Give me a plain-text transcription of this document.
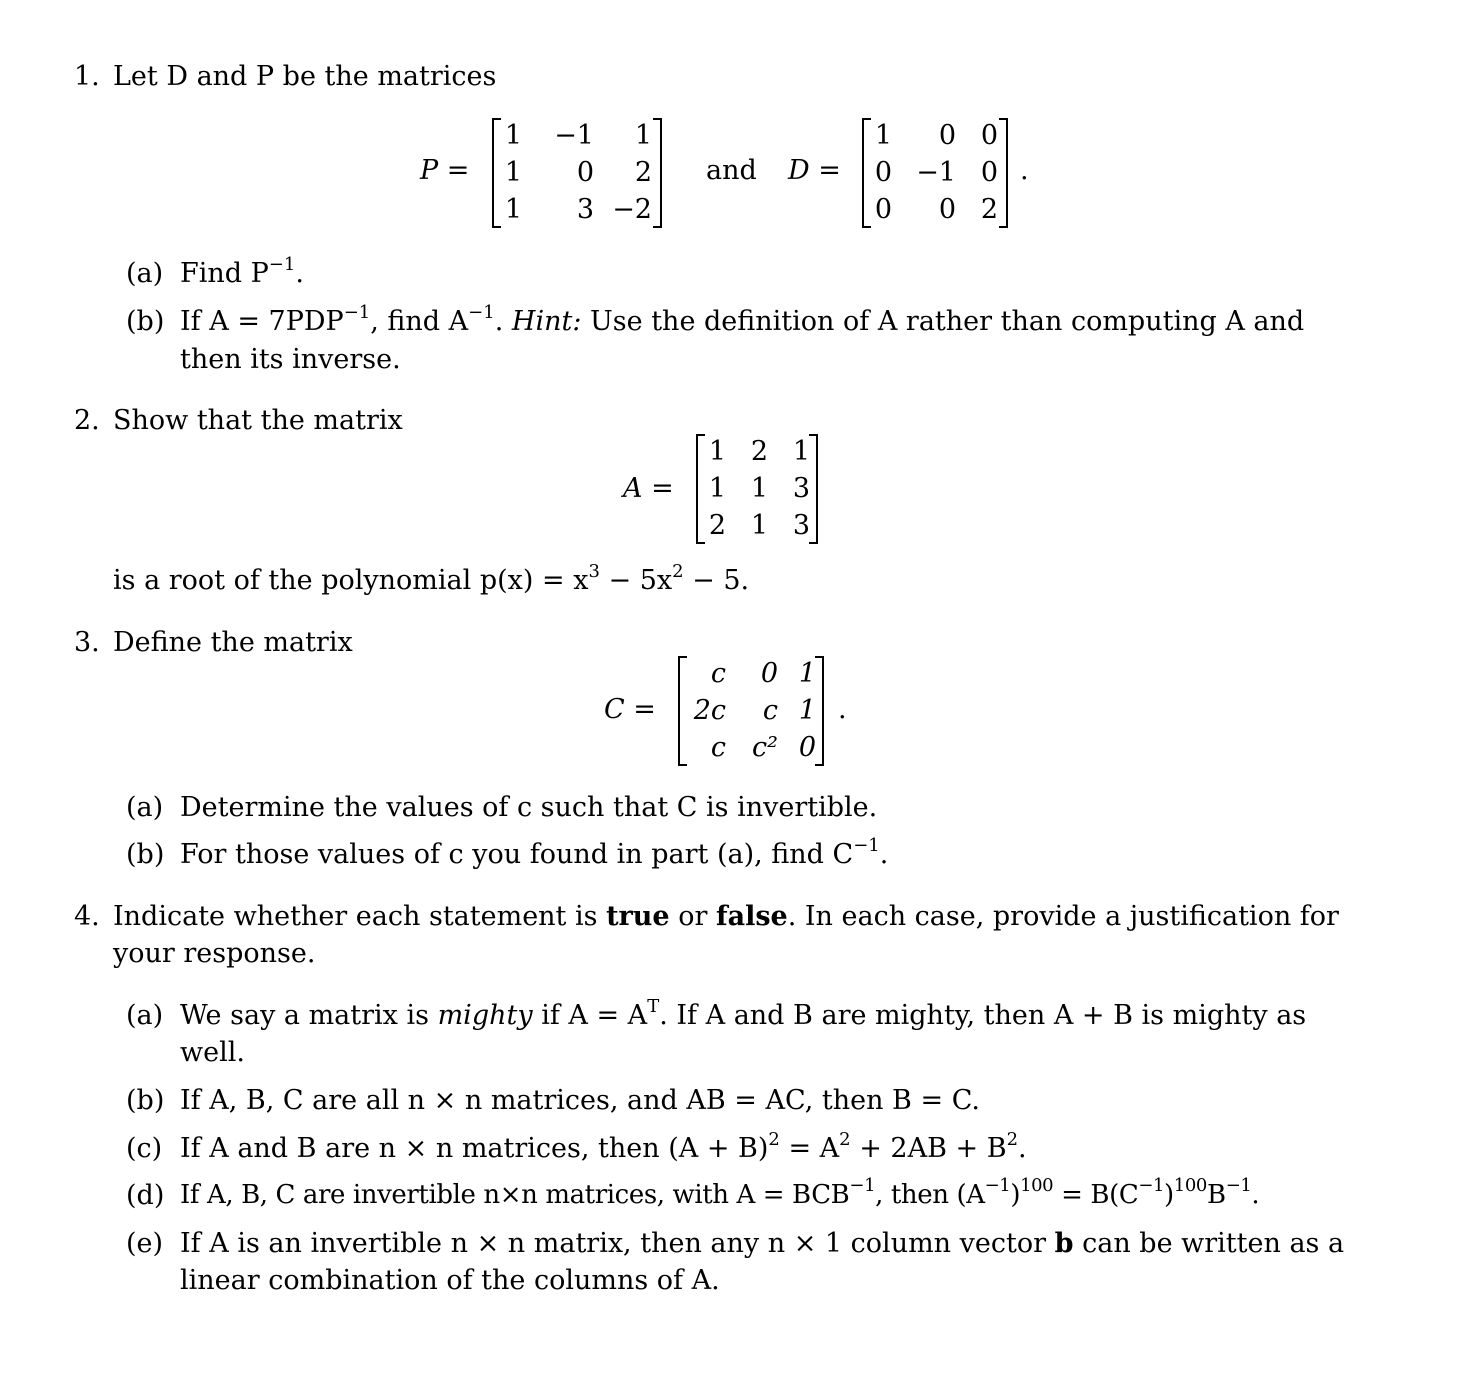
1. Let D and P be the matrices
P =
1	−1	1
1	0	2
1	3	−2
and D =
1	0	0
0	−1	0
0	0	2
.
(a) Find $P^{-1}$.
(b) If $A = 7PDP^{-1}$, find $A^{-1}$. Hint: Use the definition of A rather than computing A and
then its inverse.
2. Show that the matrix
A =
1	2	1
1	1	3
2	1	3
is a root of the polynomial $p(x) = x^3 - 5x^2 - 5$.
3. Define the matrix
C =
c	0	1
2c	c	1
c	c²	0
.
(a) Determine the values of c such that C is invertible.
(b) For those values of c you found in part (a), find $C^{-1}$.
4. Indicate whether each statement is true or false. In each case, provide a justification for
your response.
(a) We say a matrix is mighty if $A = A^T$. If A and B are mighty, then A + B is mighty as
well.
(b) If A, B, C are all n × n matrices, and AB = AC, then B = C.
(c) If A and B are n × n matrices, then $(A + B)^2 = A^2 + 2AB + B^2$.
(d) If A, B, C are invertible n×n matrices, with $A = BCB^{-1}$, then $(A^{-1})^{100} = B(C^{-1})^{100}B^{-1}$.
(e) If A is an invertible n × n matrix, then any n × 1 column vector b can be written as a
linear combination of the columns of A.
